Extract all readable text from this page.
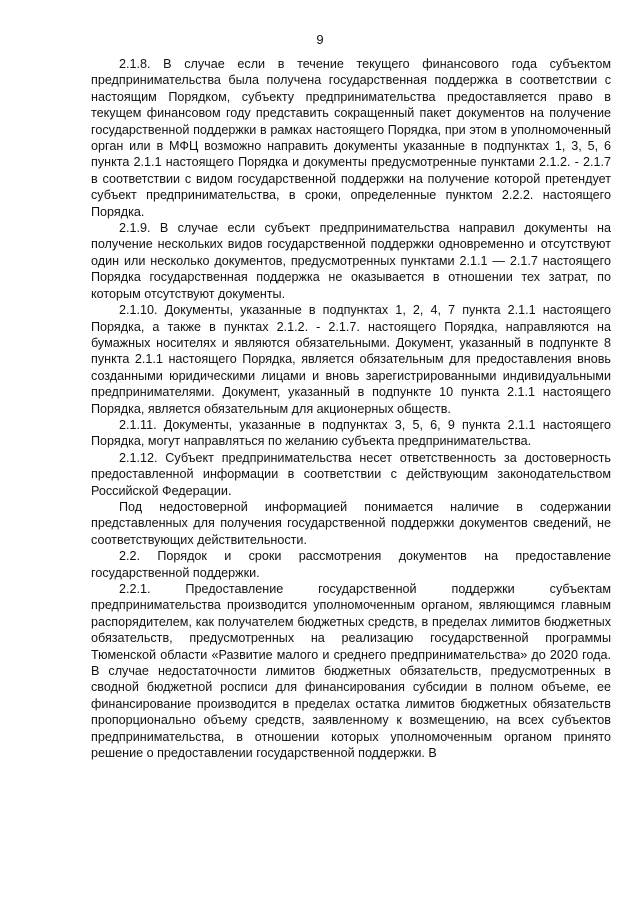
9

2.1.8. В случае если в течение текущего финансового года субъектом предпринимательства была получена государственная поддержка в соответствии с настоящим Порядком, субъекту предпринимательства предоставляется право в текущем финансовом году представить сокращенный пакет документов на получение государственной поддержки в рамках настоящего Порядка, при этом в уполномоченный орган или в МФЦ возможно направить документы указанные в подпунктах 1, 3, 5, 6 пункта 2.1.1 настоящего Порядка и документы предусмотренные пунктами 2.1.2. - 2.1.7 в соответствии с видом государственной поддержки на получение которой претендует субъект предпринимательства, в сроки, определенные пунктом 2.2.2. настоящего Порядка.

2.1.9. В случае если субъект предпринимательства направил документы на получение нескольких видов государственной поддержки одновременно и отсутствуют один или несколько документов, предусмотренных пунктами 2.1.1 — 2.1.7 настоящего Порядка государственная поддержка не оказывается в отношении тех затрат, по которым отсутствуют документы.

2.1.10. Документы, указанные в подпунктах 1, 2, 4, 7 пункта 2.1.1 настоящего Порядка, а также в пунктах 2.1.2. - 2.1.7. настоящего Порядка, направляются на бумажных носителях и являются обязательными. Документ, указанный в подпункте 8 пункта 2.1.1 настоящего Порядка, является обязательным для предоставления вновь созданными юридическими лицами и вновь зарегистрированными индивидуальными предпринимателями. Документ, указанный в подпункте 10 пункта 2.1.1 настоящего Порядка, является обязательным для акционерных обществ.

2.1.11. Документы, указанные в подпунктах 3, 5, 6, 9 пункта 2.1.1 настоящего Порядка, могут направляться по желанию субъекта предпринимательства.

2.1.12. Субъект предпринимательства несет ответственность за достоверность предоставленной информации в соответствии с действующим законодательством Российской Федерации.

Под недостоверной информацией понимается наличие в содержании представленных для получения государственной поддержки документов сведений, не соответствующих действительности.

2.2. Порядок и сроки рассмотрения документов на предоставление государственной поддержки.

2.2.1. Предоставление государственной поддержки субъектам предпринимательства производится уполномоченным органом, являющимся главным распорядителем, как получателем бюджетных средств, в пределах лимитов бюджетных обязательств, предусмотренных на реализацию государственной программы Тюменской области «Развитие малого и среднего предпринимательства» до 2020 года. В случае недостаточности лимитов бюджетных обязательств, предусмотренных в сводной бюджетной росписи для финансирования субсидии в полном объеме, ее финансирование производится в пределах остатка лимитов бюджетных обязательств пропорционально объему средств, заявленному к возмещению, на всех субъектов предпринимательства, в отношении которых уполномоченным органом принято решение о предоставлении государственной поддержки. В
